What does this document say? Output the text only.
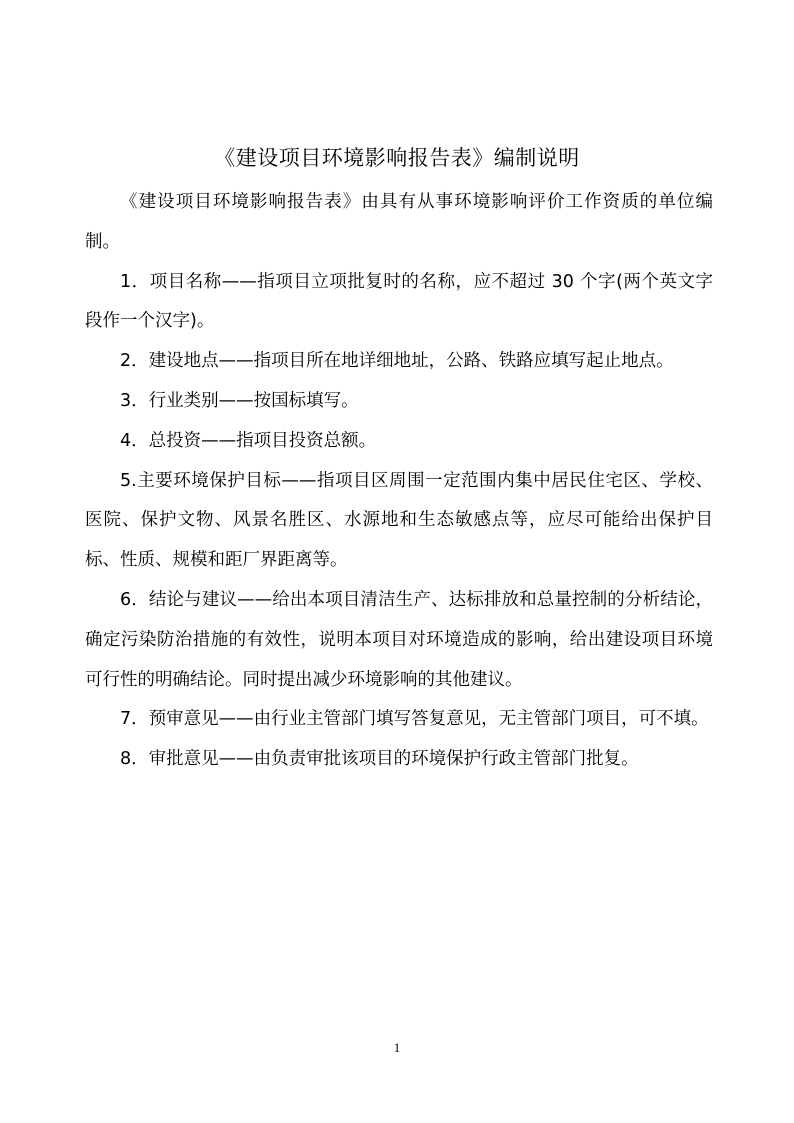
《建设项目环境影响报告表》编制说明

《建设项目环境影响报告表》由具有从事环境影响评价工作资质的单位编制。

1．项目名称——指项目立项批复时的名称，应不超过 30 个字(两个英文字段作一个汉字)。

2．建设地点——指项目所在地详细地址，公路、铁路应填写起止地点。

3．行业类别——按国标填写。

4．总投资——指项目投资总额。

5.主要环境保护目标——指项目区周围一定范围内集中居民住宅区、学校、医院、保护文物、风景名胜区、水源地和生态敏感点等，应尽可能给出保护目标、性质、规模和距厂界距离等。

6．结论与建议——给出本项目清洁生产、达标排放和总量控制的分析结论，确定污染防治措施的有效性，说明本项目对环境造成的影响，给出建设项目环境可行性的明确结论。同时提出减少环境影响的其他建议。

7．预审意见——由行业主管部门填写答复意见，无主管部门项目，可不填。

8．审批意见——由负责审批该项目的环境保护行政主管部门批复。

1
